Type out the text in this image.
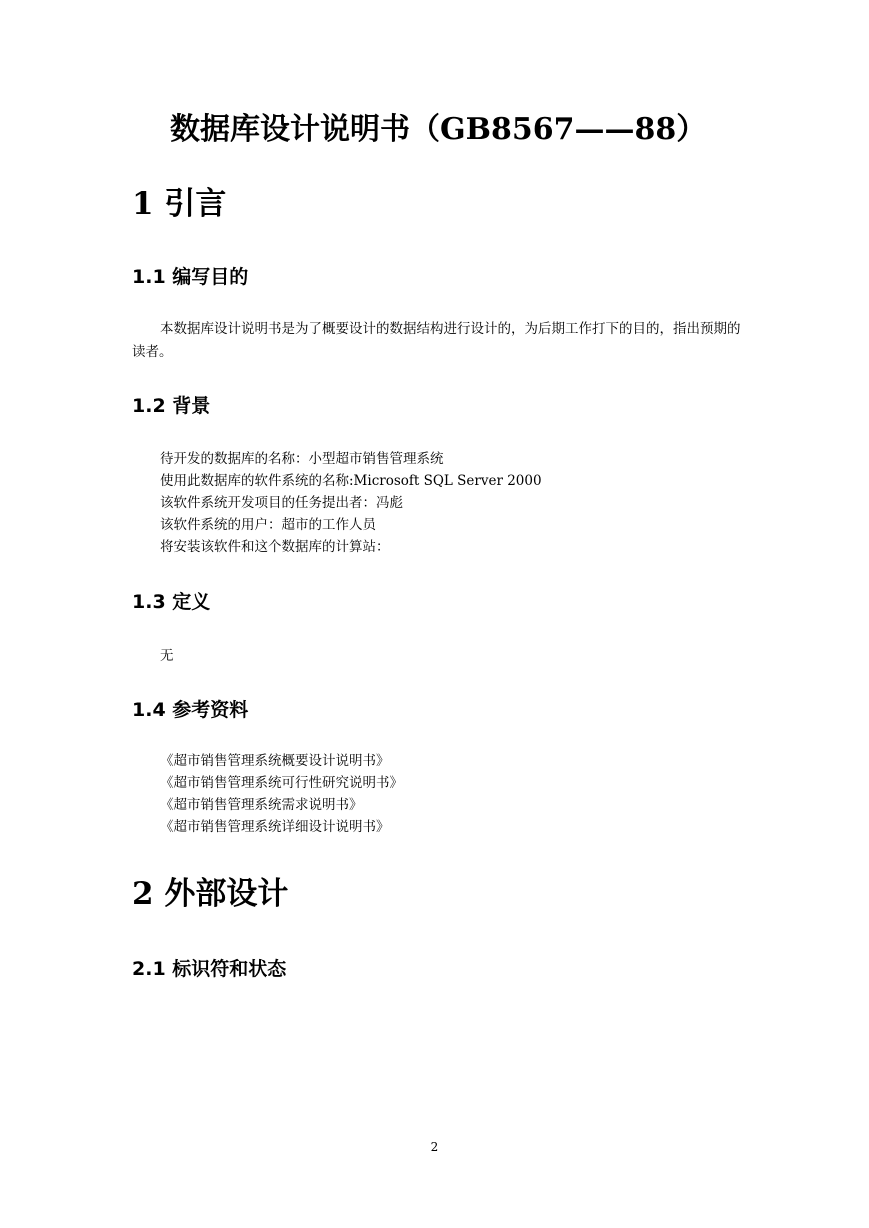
数据库设计说明书（GB8567——88）
1 引言
1.1 编写目的

本数据库设计说明书是为了概要设计的数据结构进行设计的，为后期工作打下的目的，指出预期的读者。

1.2 背景
待开发的数据库的名称：小型超市销售管理系统
使用此数据库的软件系统的名称:Microsoft SQL Server 2000
该软件系统开发项目的任务提出者：冯彪
该软件系统的用户：超市的工作人员
将安装该软件和这个数据库的计算站：
1.3 定义
无
1.4 参考资料
《超市销售管理系统概要设计说明书》
《超市销售管理系统可行性研究说明书》
《超市销售管理系统需求说明书》
《超市销售管理系统详细设计说明书》
2 外部设计
2.1 标识符和状态
2
